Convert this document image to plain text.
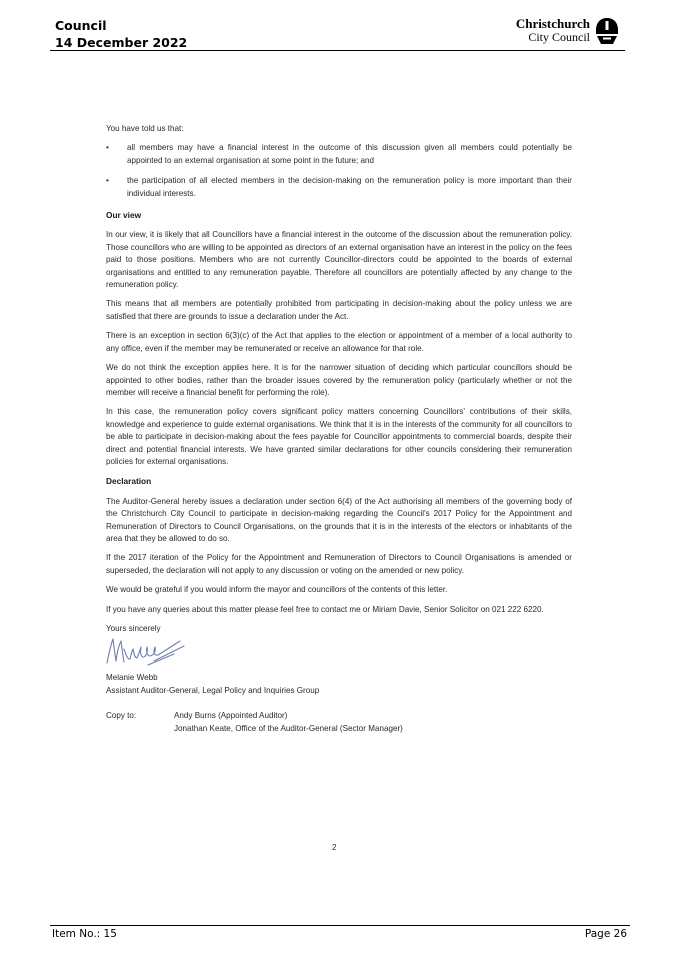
Council
14 December 2022
Christchurch
City Council

You have told us that:

• all members may have a financial interest in the outcome of this discussion given all members could potentially be appointed to an external organisation at some point in the future; and
• the participation of all elected members in the decision-making on the remuneration policy is more important than their individual interests.
Our view

In our view, it is likely that all Councillors have a financial interest in the outcome of the discussion about the remuneration policy. Those councillors who are willing to be appointed as directors of an external organisation have an interest in the policy on the fees paid to those positions. Members who are not currently Councillor-directors could be appointed to the boards of external organisations and entitled to any remuneration payable. Therefore all councillors are potentially affected by any change to the remuneration policy.

This means that all members are potentially prohibited from participating in decision-making about the policy unless we are satisfied that there are grounds to issue a declaration under the Act.

There is an exception in section 6(3)(c) of the Act that applies to the election or appointment of a member of a local authority to any office, even if the member may be remunerated or receive an allowance for that role.

We do not think the exception applies here. It is for the narrower situation of deciding which particular councillors should be appointed to other bodies, rather than the broader issues covered by the remuneration policy (particularly whether or not the member will receive a financial benefit for performing the role).

In this case, the remuneration policy covers significant policy matters concerning Councillors' contributions of their skills, knowledge and experience to guide external organisations. We think that it is in the interests of the community for all councillors to be able to participate in decision-making about the fees payable for Councillor appointments to commercial boards, despite their direct and potential financial interests. We have granted similar declarations for other councils considering their remuneration policies for external organisations.

Declaration

The Auditor-General hereby issues a declaration under section 6(4) of the Act authorising all members of the governing body of the Christchurch City Council to participate in decision-making regarding the Council's 2017 Policy for the Appointment and Remuneration of Directors to Council Organisations, on the grounds that it is in the interests of the electors or inhabitants of the area that they be allowed to do so.

If the 2017 iteration of the Policy for the Appointment and Remuneration of Directors to Council Organisations is amended or superseded, the declaration will not apply to any discussion or voting on the amended or new policy.

We would be grateful if you would inform the mayor and councillors of the contents of this letter.

If you have any queries about this matter please feel free to contact me or Miriam Davie, Senior Solicitor on 021 222 6220.

Yours sincerely
Melanie Webb
Assistant Auditor-General, Legal Policy and Inquiries Group
Copy to:	Andy Burns (Appointed Auditor)
Jonathan Keate, Office of the Auditor-General (Sector Manager)
2
Item No.: 15	Page 26
